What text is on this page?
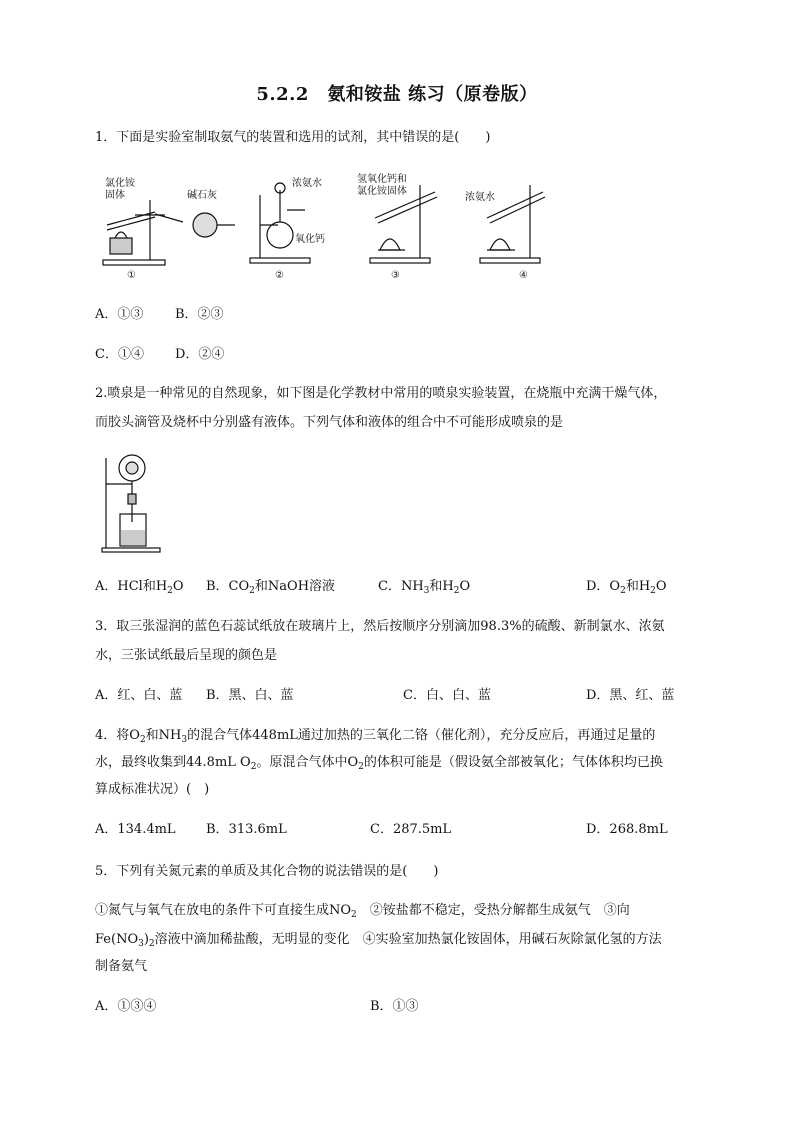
5.2.2　氨和铵盐 练习（原卷版）
1．下面是实验室制取氨气的装置和选用的试剂，其中错误的是(　　)
氯化铵
固体	碱石灰
①
浓氨水
氧化钙
②
氢氧化钙和
氯化铵固体
③
浓氨水
④
A．①③ B．②③
C．①④ D．②④
2.喷泉是一种常见的自然现象，如下图是化学教材中常用的喷泉实验装置，在烧瓶中充满干燥气体，
而胶头滴管及烧杯中分别盛有液体。下列气体和液体的组合中不可能形成喷泉的是
A．HCl和$H_2O$ B．$CO_2$和NaOH溶液	C．$NH_3$和$H_2O$	D．$O_2$和$H_2O$
3．取三张湿润的蓝色石蕊试纸放在玻璃片上，然后按顺序分别滴加98.3%的硫酸、新制氯水、浓氨
水，三张试纸最后呈现的颜色是
A．红、白、蓝 B．黑、白、蓝	C．白、白、蓝	D．黑、红、蓝
4．将$O_2$和$NH_3$的混合气体448mL通过加热的三氧化二铬（催化剂），充分反应后，再通过足量的
水，最终收集到44.8mL $O_2$。原混合气体中$O_2$的体积可能是（假设氨全部被氧化；气体体积均已换
算成标准状况）(　)
A．134.4mL B．313.6mL	C．287.5mL	D．268.8mL
5．下列有关氮元素的单质及其化合物的说法错误的是(　　)
①氮气与氧气在放电的条件下可直接生成$NO_2$　②铵盐都不稳定，受热分解都生成氨气　③向
$Fe(NO_3)_2$溶液中滴加稀盐酸，无明显的变化　④实验室加热氯化铵固体，用碱石灰除氯化氢的方法
制备氨气
A．①③④	B．①③
